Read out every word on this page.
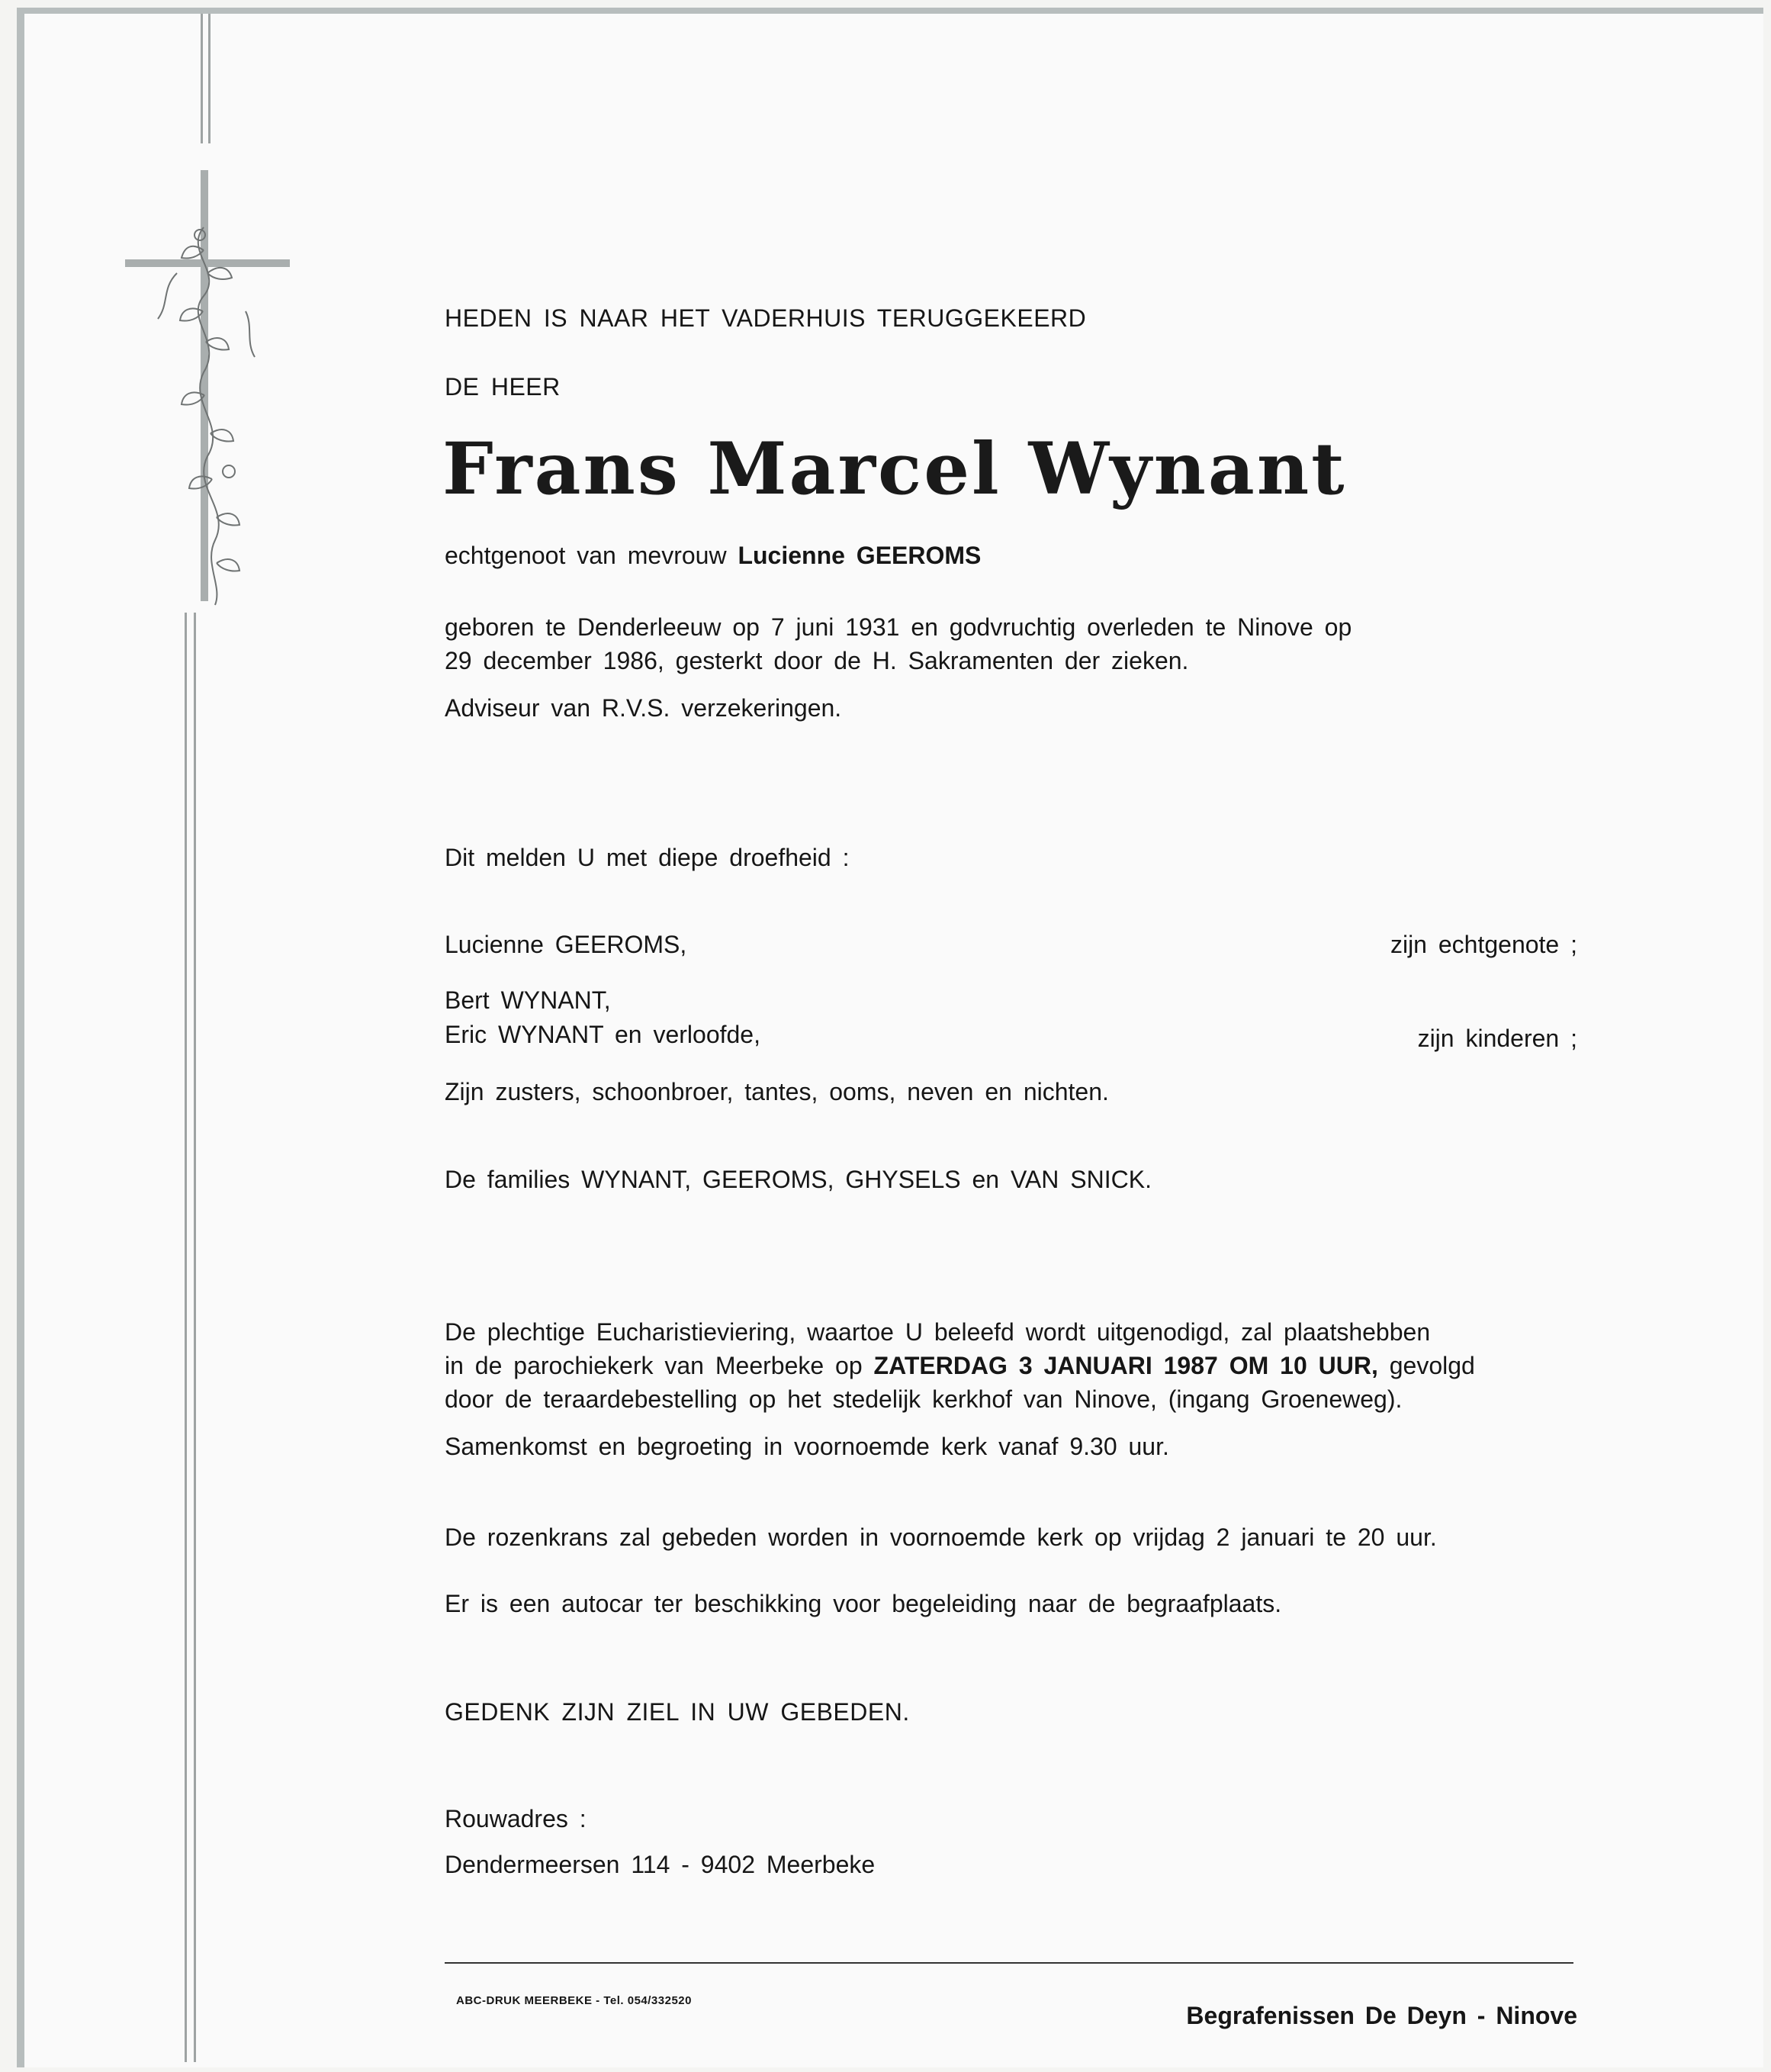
HEDEN IS NAAR HET VADERHUIS TERUGGEKEERD
DE HEER
Frans Marcel Wynant
echtgenoot van mevrouw Lucienne GEEROMS
geboren te Denderleeuw op 7 juni 1931 en godvruchtig overleden te Ninove op
29 december 1986, gesterkt door de H. Sakramenten der zieken.
Adviseur van R.V.S. verzekeringen.
Dit melden U met diepe droefheid :
Lucienne GEEROMS,	zijn echtgenote ;
Bert WYNANT,
Eric WYNANT en verloofde,	zijn kinderen ;
Zijn zusters, schoonbroer, tantes, ooms, neven en nichten.
De families WYNANT, GEEROMS, GHYSELS en VAN SNICK.
De plechtige Eucharistieviering, waartoe U beleefd wordt uitgenodigd, zal plaatshebben
in de parochiekerk van Meerbeke op ZATERDAG 3 JANUARI 1987 OM 10 UUR, gevolgd
door de teraardebestelling op het stedelijk kerkhof van Ninove, (ingang Groeneweg).
Samenkomst en begroeting in voornoemde kerk vanaf 9.30 uur.
De rozenkrans zal gebeden worden in voornoemde kerk op vrijdag 2 januari te 20 uur.
Er is een autocar ter beschikking voor begeleiding naar de begraafplaats.
GEDENK ZIJN ZIEL IN UW GEBEDEN.
Rouwadres :
Dendermeersen 114 - 9402 Meerbeke
ABC-DRUK MEERBEKE - Tel. 054/332520
Begrafenissen De Deyn - Ninove
